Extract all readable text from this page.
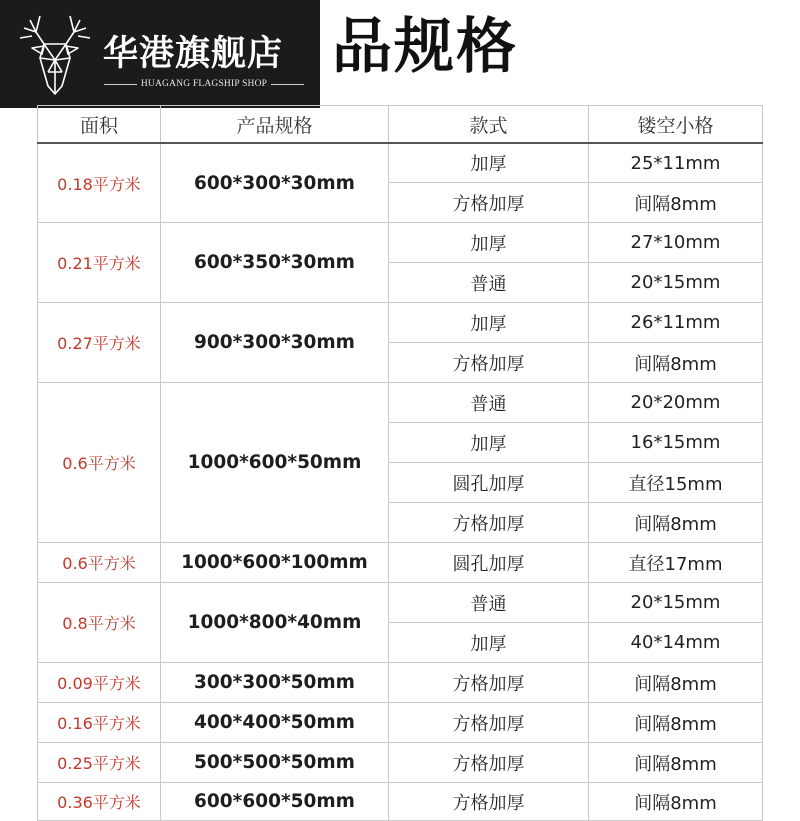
华港旗舰店
HUAGANG FLAGSHIP SHOP
品规格
面积	产品规格	款式	镂空小格
0.18平方米	600*300*30mm	加厚	25*11mm
		方格加厚	间隔8mm
0.21平方米	600*350*30mm	加厚	27*10mm
		普通	20*15mm
0.27平方米	900*300*30mm	加厚	26*11mm
		方格加厚	间隔8mm
0.6平方米	1000*600*50mm	普通	20*20mm
		加厚	16*15mm
		圆孔加厚	直径15mm
		方格加厚	间隔8mm
0.6平方米	1000*600*100mm	圆孔加厚	直径17mm
0.8平方米	1000*800*40mm	普通	20*15mm
		加厚	40*14mm
0.09平方米	300*300*50mm	方格加厚	间隔8mm
0.16平方米	400*400*50mm	方格加厚	间隔8mm
0.25平方米	500*500*50mm	方格加厚	间隔8mm
0.36平方米	600*600*50mm	方格加厚	间隔8mm
